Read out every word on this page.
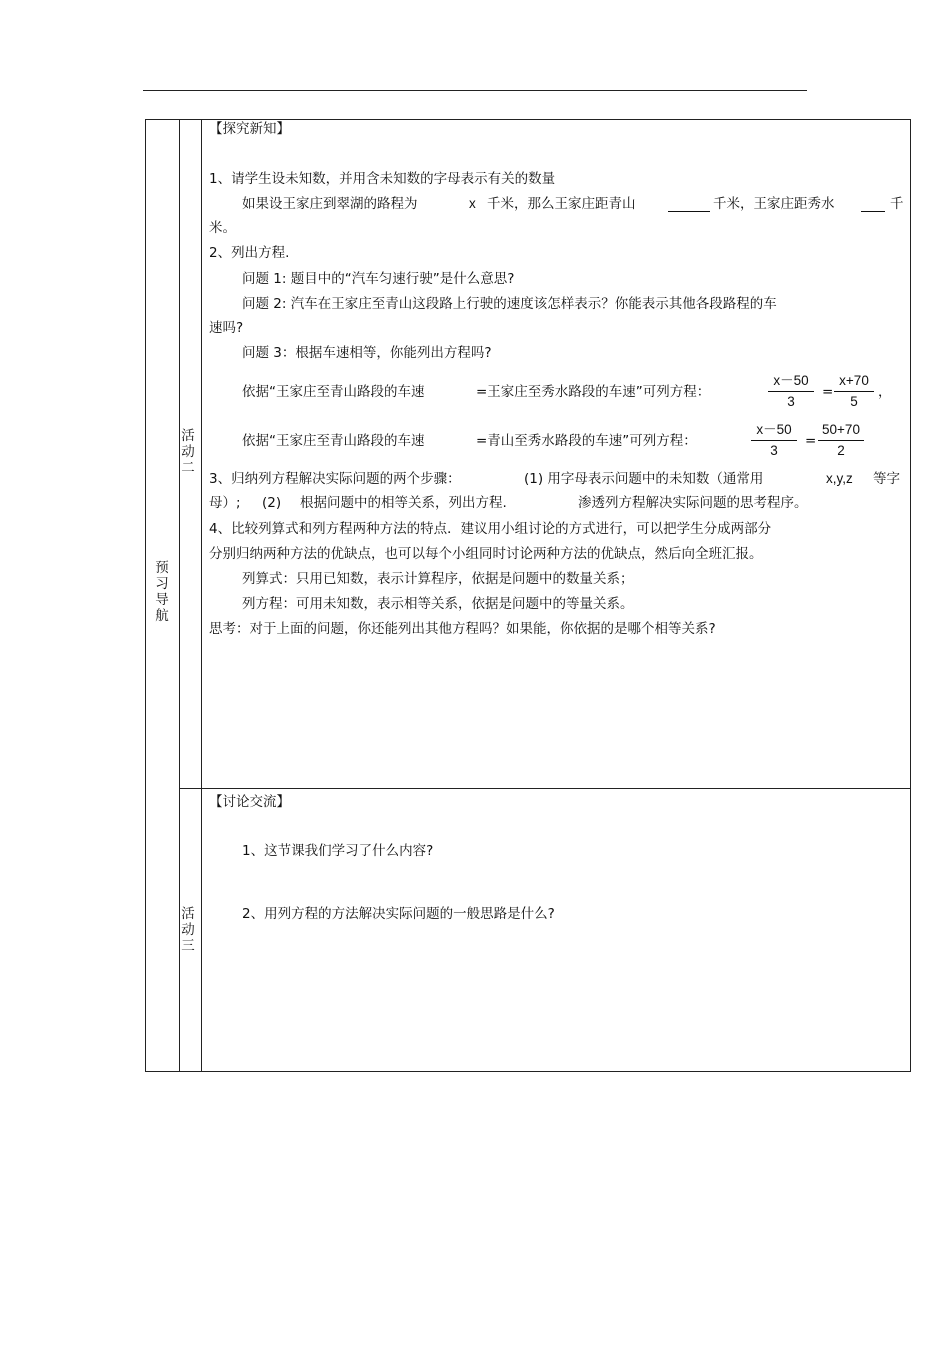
预
习
导
航
活
动
二
活
动
三
【探究新知】
1、请学生设未知数，并用含未知数的字母表示有关的数量
如果设王家庄到翠湖的路程为	x 千米，那么王家庄距青山	千米，王家庄距秀水	千
米。
2、列出方程.
问题 1: 题目中的“汽车匀速行驶”是什么意思?
问题 2: 汽车在王家庄至青山这段路上行驶的速度该怎样表示？你能表示其他各段路程的车
速吗?
问题 3：根据车速相等，你能列出方程吗?
依据“王家庄至青山路段的车速	=王家庄至秀水路段的车速”可列方程：
x－50
3
=
x+70
5
，
依据“王家庄至青山路段的车速	=青山至秀水路段的车速”可列方程：
x－50
3
=
50+70
2
3、归纳列方程解决实际问题的两个步骤：	(1) 用字母表示问题中的未知数（通常用	x,y,z 等字
母）; (2) 根据问题中的相等关系，列出方程.	渗透列方程解决实际问题的思考程序。
4、比较列算式和列方程两种方法的特点．建议用小组讨论的方式进行，可以把学生分成两部分
分别归纳两种方法的优缺点，也可以每个小组同时讨论两种方法的优缺点，然后向全班汇报。
列算式：只用已知数，表示计算程序，依据是问题中的数量关系；
列方程：可用未知数，表示相等关系，依据是问题中的等量关系。
思考：对于上面的问题，你还能列出其他方程吗？如果能，你依据的是哪个相等关系?
【讨论交流】
1、这节课我们学习了什么内容?
2、用列方程的方法解决实际问题的一般思路是什么?
